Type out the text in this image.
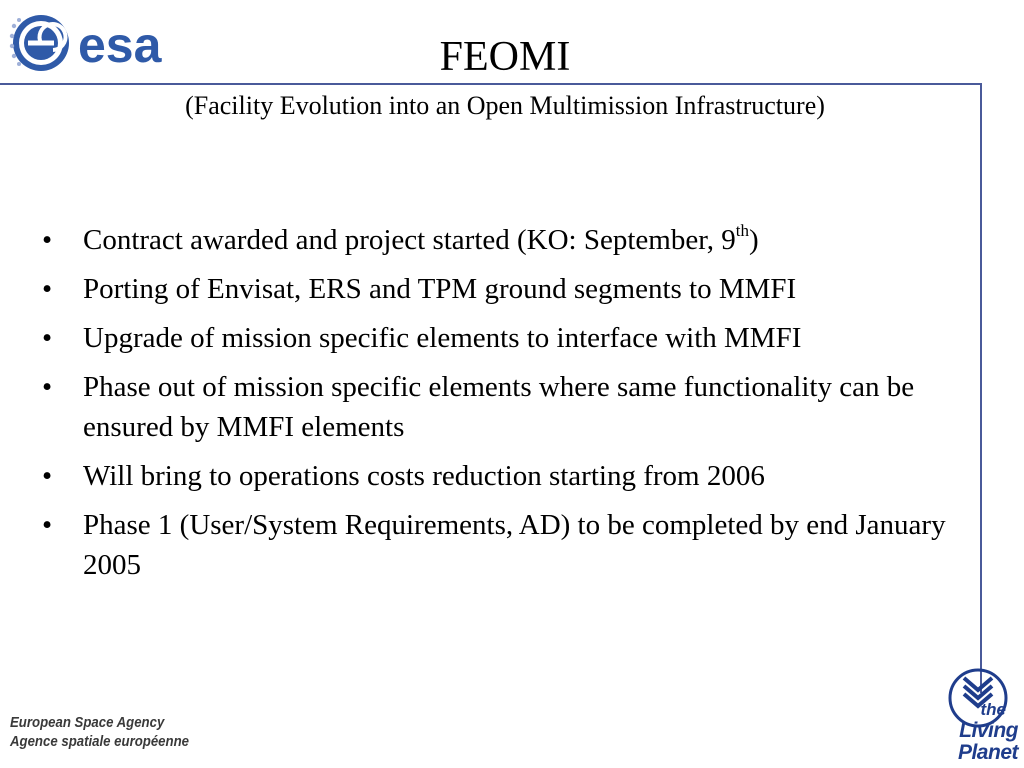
esa	FEOMI
(Facility Evolution into an Open Multimission Infrastructure)
• Contract awarded and project started (KO: September, 9th)
• Porting of Envisat, ERS and TPM ground segments to MMFI
• Upgrade of mission specific elements to interface with MMFI
• Phase out of mission specific elements where same functionality can be ensured by MMFI elements
• Will bring to operations costs reduction starting from 2006
• Phase 1 (User/System Requirements, AD) to be completed by end January 2005
European Space Agency
Agence spatiale européenne
the
Living Planet
